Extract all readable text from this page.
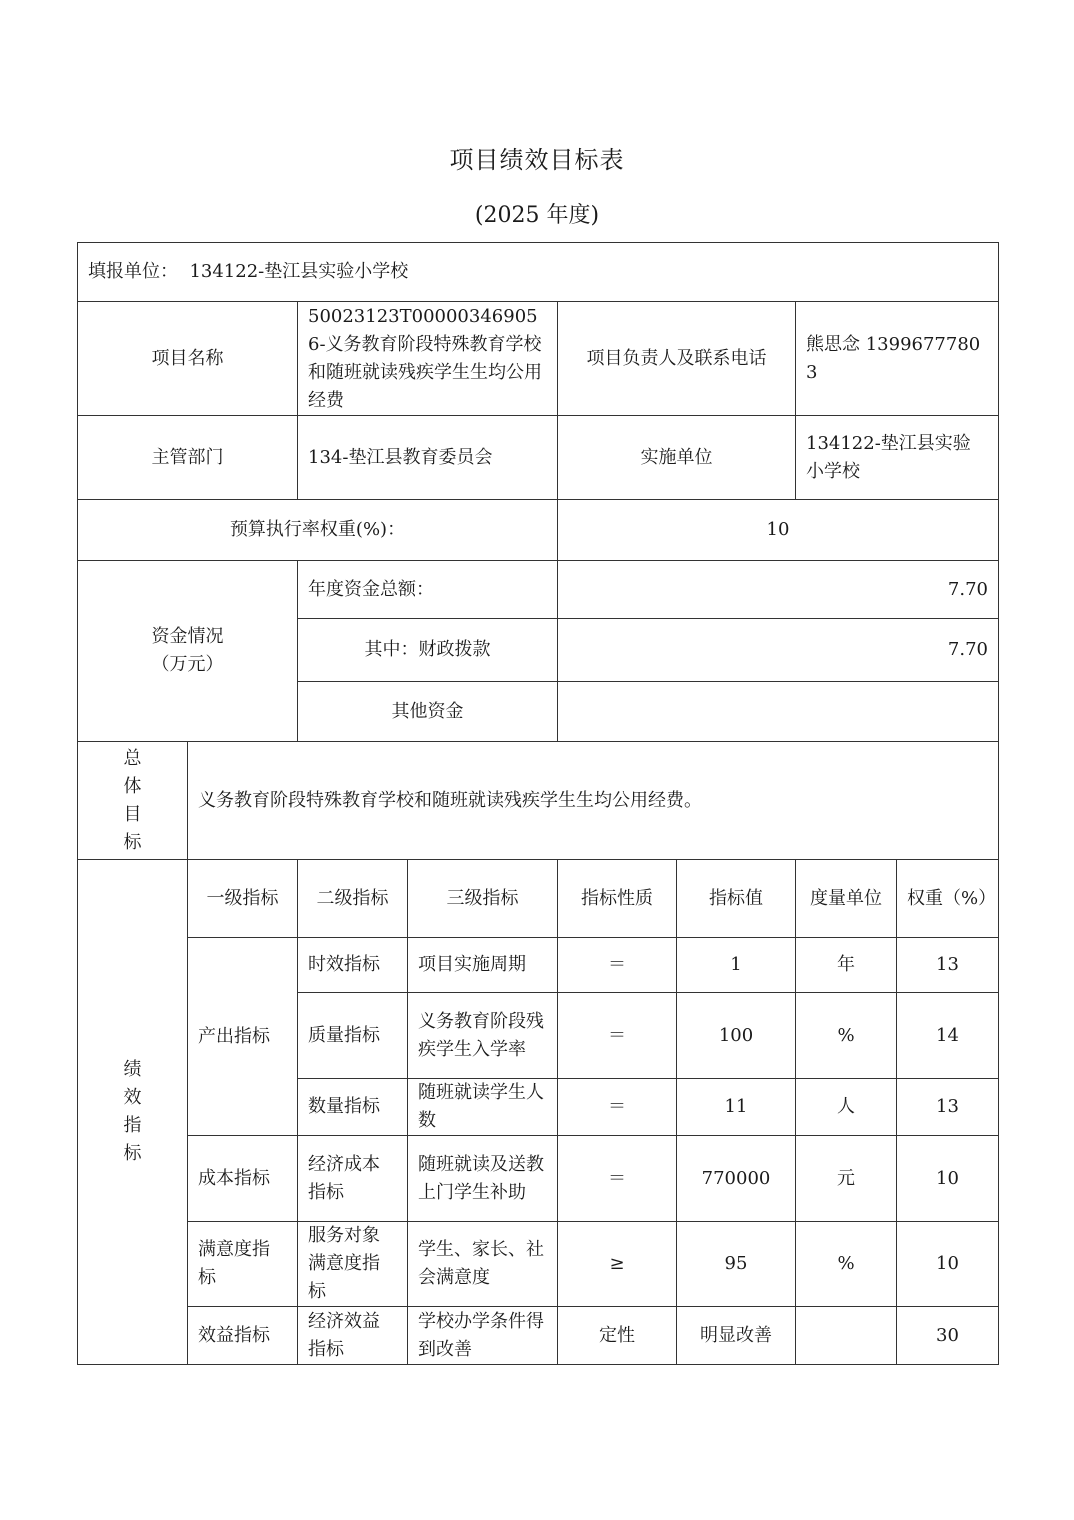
项目绩效目标表
(2025 年度)
填报单位： 134122-垫江县实验小学校							
项目名称		50023123T000003469056-义务教育阶段特殊教育学校和随班就读残疾学生生均公用经费		项目负责人及联系电话		熊思念 13996777803	
主管部门		134-垫江县教育委员会		实施单位		134122-垫江县实验小学校	
预算执行率权重(%)：				10			

资金情况
（万元）		年度资金总额：		7.70			
		其中：财政拨款		7.70			
		其他资金					

总体目标	义务教育阶段特殊教育学校和随班就读残疾学生生均公用经费。						

绩效指标	一级指标	二级指标	三级指标	指标性质	指标值	度量单位	权重（%）
	产出指标	时效指标	项目实施周期	＝	1	年	13
		质量指标	义务教育阶段残疾学生入学率	＝	100	%	14
		数量指标	随班就读学生人数	＝	11	人	13
	成本指标	经济成本指标	随班就读及送教上门学生补助	＝	770000	元	10
	满意度指标	服务对象满意度指标	学生、家长、社会满意度	≥	95	%	10
	效益指标	经济效益指标	学校办学条件得到改善	定性	明显改善		30
